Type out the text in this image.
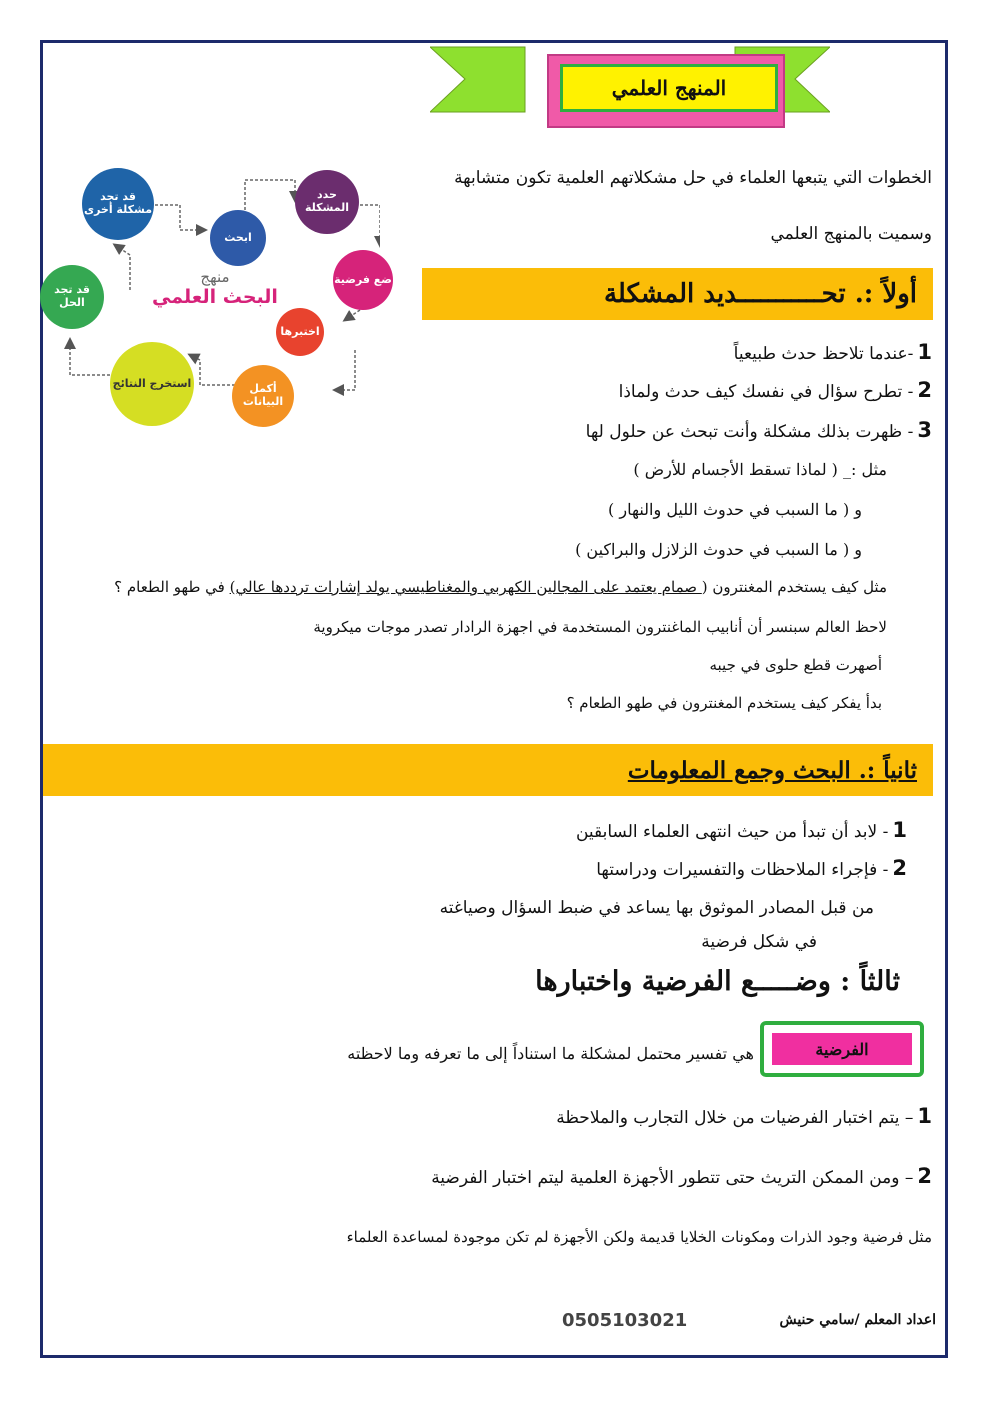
المنهج العلمي
الخطوات التي يتبعها العلماء في حل مشكلاتهم العلمية تكون متشابهة
وسميت بالمنهج العلمي
حدد المشكلة
ضع فرضية
اختبرها
أكمل البيانات
استخرج النتائج
قد تجد الحل
قد تجد مشكلة أخرى
ابحث
منهج
البحث العلمي	أولاً :. تحـــــــــــديد المشكلة
1-عندما تلاحظ حدث طبيعياً
2- تطرح سؤال في نفسك كيف حدث ولماذا
3- ظهرت بذلك مشكلة وأنت تبحث عن حلول لها
مثل :_ ( لماذا تسقط الأجسام للأرض )
و ( ما السبب في حدوث الليل والنهار )
و ( ما السبب في حدوث الزلازل والبراكين )
مثل كيف يستخدم المغنترون ( صمام يعتمد على المجالين الكهربي والمغناطيسي يولد إشارات ترددها عالي) في طهو الطعام ؟
لاحظ العالم سبنسر أن أنابيب الماغنترون المستخدمة في اجهزة الرادار تصدر موجات ميكروية
أصهرت قطع حلوى في جيبه
بدأ يفكر كيف يستخدم المغنترون في طهو الطعام ؟
ثانياً :. البحث وجمع المعلومات
1- لابد أن تبدأ من حيث انتهى العلماء السابقين
2- فإجراء الملاحظات والتفسيرات ودراستها
من قبل المصادر الموثوق بها يساعد في ضبط السؤال وصياغته
في شكل فرضية
ثالثاً : وضـــــع الفرضية واختبارها
الفرضية
هي تفسير محتمل لمشكلة ما استناداً إلى ما تعرفه وما لاحظته
1– يتم اختبار الفرضيات من خلال التجارب والملاحظة
2– ومن الممكن التريث حتى تتطور الأجهزة العلمية ليتم اختبار الفرضية
مثل فرضية وجود الذرات ومكونات الخلايا قديمة ولكن الأجهزة لم تكن موجودة لمساعدة العلماء
اعداد المعلم /سامي حنيش
0505103021
